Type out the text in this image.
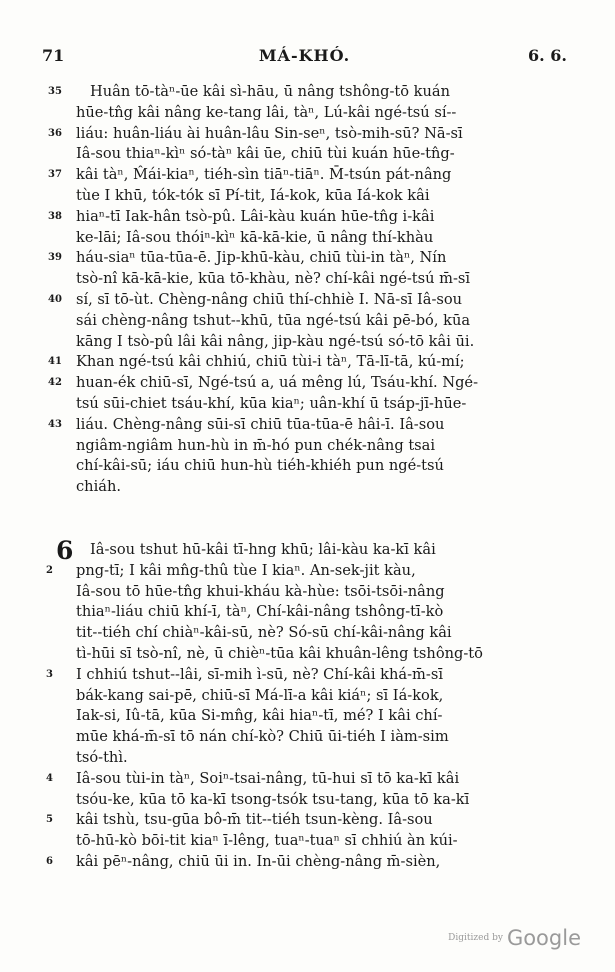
71	MÁ-KHÓ.	6. 6.
35 Huân tō-tàⁿ-ūe kâi sì-hāu, ū nâng tshông-tō kuán
hūe-tn̂g kâi nâng ke-tang lâi, tàⁿ, Lú-kâi ngé-tsú sí--
36 liáu: huân-liáu ài huân-lâu Sin-seⁿ, tsò-mih-sū? Nā-sī
Iâ-sou thiaⁿ-kìⁿ só-tàⁿ kâi ūe, chiū tùi kuán hūe-tn̂g-
37 kâi tàⁿ, M̂ái-kiaⁿ, tiéh-sìn tiāⁿ-tiāⁿ. M̄-tsún pát-nâng
tùe I khū, tók-tók sī Pí-tit, Iá-kok, kūa Iá-kok kâi
38 hiaⁿ-tī Iak-hân tsò-pû. Lâi-kàu kuán hūe-tn̂g i-kâi
ke-lāi; Iâ-sou thóiⁿ-kìⁿ kā-kā-kie, ū nâng thí-khàu
39 háu-siaⁿ tūa-tūa-ē. Jip-khū-kàu, chiū tùi-in tàⁿ, Nín
tsò-nî kā-kā-kie, kūa tō-khàu, nè? chí-kâi ngé-tsú m̄-sī
40 sí, sī tō-ùt. Chèng-nâng chiū thí-chhiè I. Nā-sī Iâ-sou
sái chèng-nâng tshut--khū, tūa ngé-tsú kâi pē-bó, kūa
kāng I tsò-pû lâi kâi nâng, jip-kàu ngé-tsú só-tō kâi ūi.
41 Khan ngé-tsú kâi chhiú, chiū tùi-i tàⁿ, Tā-lī-tā, kú-mí;
42 huan-ék chiū-sī, Ngé-tsú a, uá mêng lú, Tsáu-khí. Ngé-
tsú sūi-chiet tsáu-khí, kūa kiaⁿ; uân-khí ū tsáp-jī-hūe-
43 liáu. Chèng-nâng sūi-sī chiū tūa-tūa-ē hâi-ī. Iâ-sou
ngiâm-ngiâm hun-hù in m̄-hó pun chék-nâng tsai
chí-kâi-sū; iáu chiū hun-hù tiéh-khiéh pun ngé-tsú
chiáh.
6 Iâ-sou tshut hū-kâi tī-hng khū; lâi-kàu ka-kī kâi
2 png-tī; I kâi mn̂g-thû tùe I kiaⁿ. An-sek-jit kàu,
Iâ-sou tō hūe-tn̂g khui-kháu kà-hùe: tsōi-tsōi-nâng
thiaⁿ-liáu chiū khí-ī, tàⁿ, Chí-kâi-nâng tshông-tī-kò
tit--tiéh chí chiàⁿ-kâi-sū, nè? Só-sū chí-kâi-nâng kâi
tì-hūi sī tsò-nî, nè, ū chièⁿ-tūa kâi khuân-lêng tshông-tō
3 I chhiú tshut--lâi, sī-mih ì-sū, nè? Chí-kâi khá-m̄-sī
bák-kang sai-pē, chiū-sī Má-lī-a kâi kiáⁿ; sī Iá-kok,
Iak-si, Iû-tā, kūa Si-mn̂g, kâi hiaⁿ-tī, mé? I kâi chí-
mūe khá-m̄-sī tō nán chí-kò? Chiū ūi-tiéh I iàm-sim
tsó-thì.
4 Iâ-sou tùi-in tàⁿ, Soiⁿ-tsai-nâng, tū-hui sī tō ka-kī kâi
tsóu-ke, kūa tō ka-kī tsong-tsók tsu-tang, kūa tō ka-kī
5 kâi tshù, tsu-gūa bô-m̄ tit--tiéh tsun-kèng. Iâ-sou
tō-hū-kò bōi-tit kiaⁿ ī-lêng, tuaⁿ-tuaⁿ sī chhiú àn kúi-
6 kâi pēⁿ-nâng, chiū ūi in. In-ūi chèng-nâng m̄-sièn,
Digitized by Google
